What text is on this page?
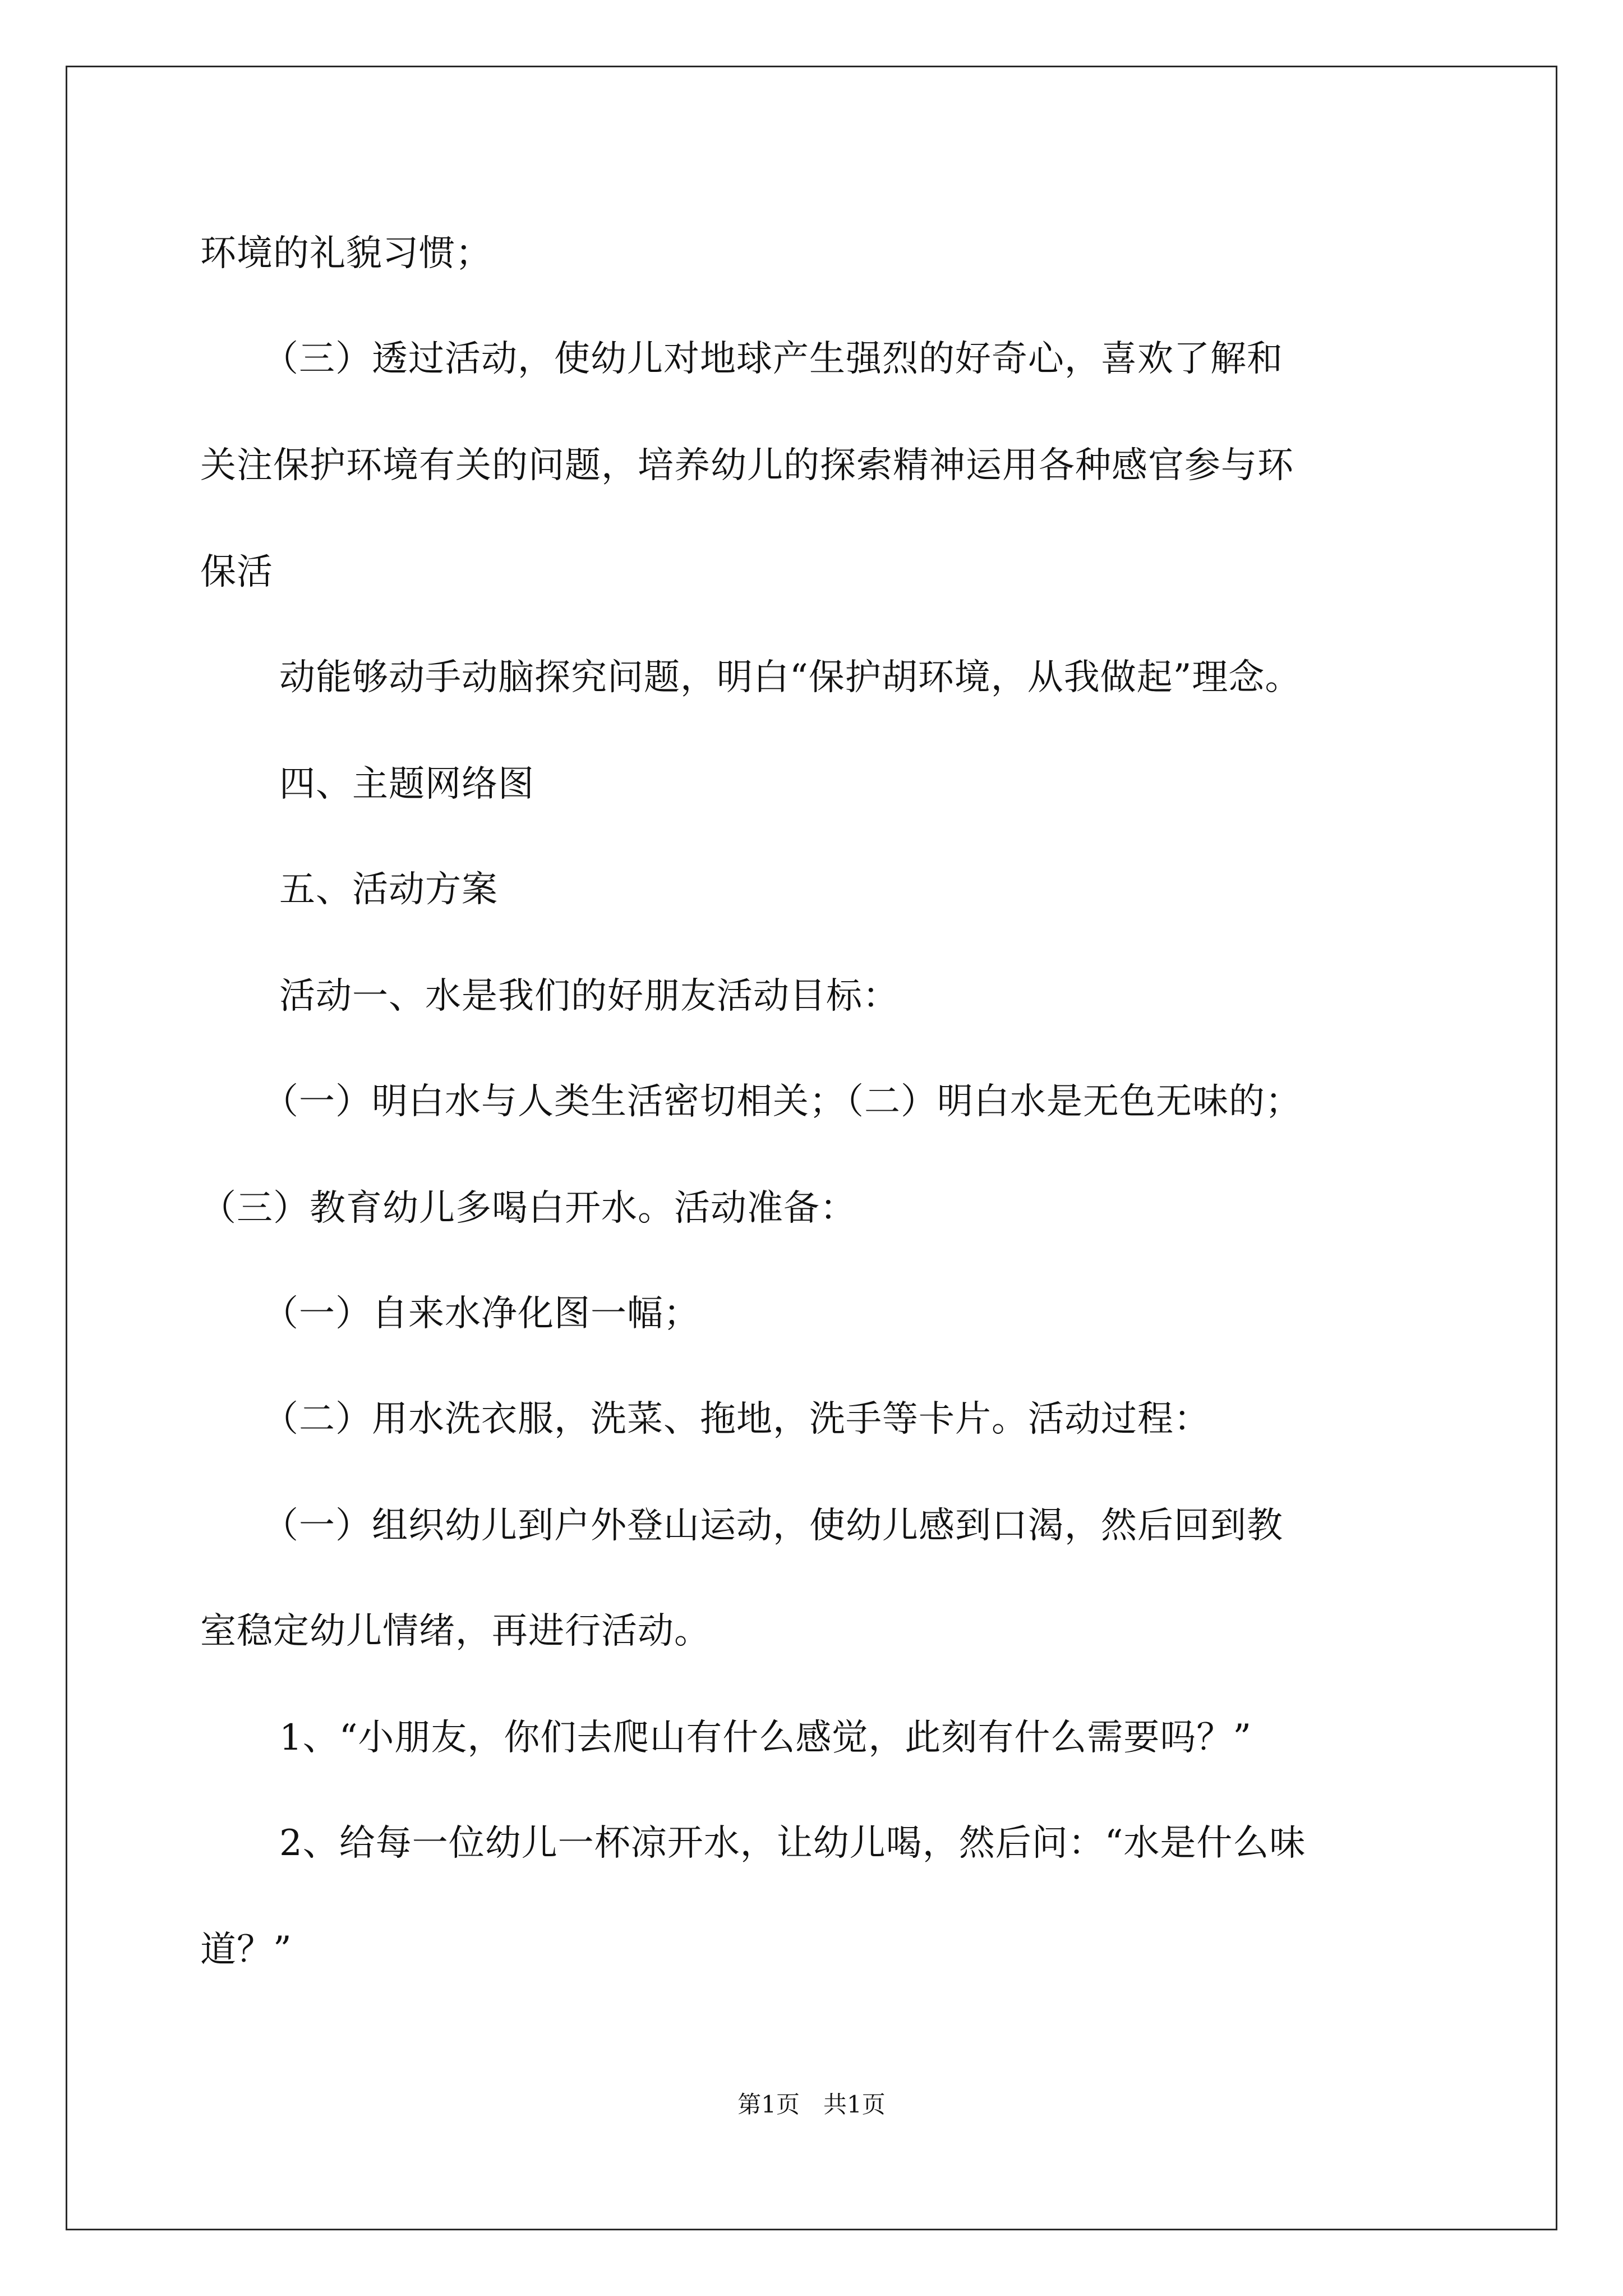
环境的礼貌习惯；
（三）透过活动，使幼儿对地球产生强烈的好奇心，喜欢了解和
关注保护环境有关的问题，培养幼儿的探索精神运用各种感官参与环
保活
动能够动手动脑探究问题，明白“保护胡环境，从我做起”理念。
四、主题网络图
五、活动方案
活动一、水是我们的好朋友活动目标：
（一）明白水与人类生活密切相关；（二）明白水是无色无味的；
（三）教育幼儿多喝白开水。活动准备：
（一）自来水净化图一幅；
（二）用水洗衣服，洗菜、拖地，洗手等卡片。活动过程：
（一）组织幼儿到户外登山运动，使幼儿感到口渴，然后回到教
室稳定幼儿情绪，再进行活动。
1、“小朋友，你们去爬山有什么感觉，此刻有什么需要吗？”
2、给每一位幼儿一杯凉开水，让幼儿喝，然后问：“水是什么味
道？”
第1页　共1页
